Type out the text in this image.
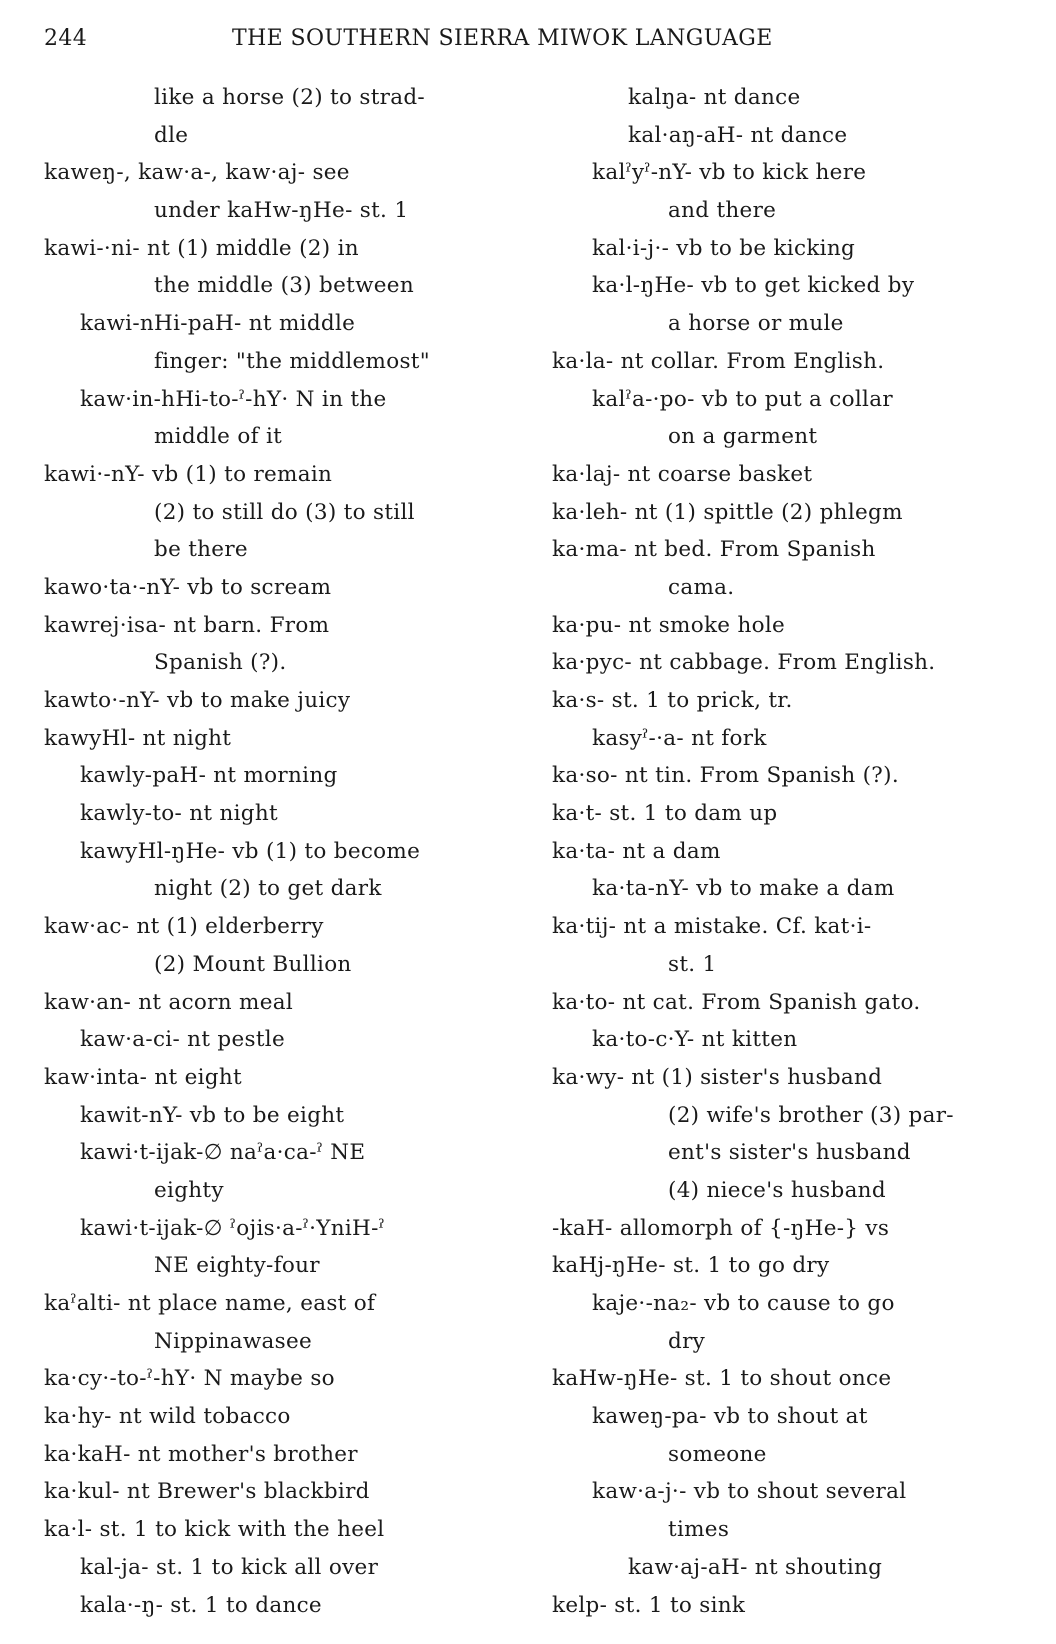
244	THE SOUTHERN SIERRA MIWOK LANGUAGE
like a horse (2) to strad-
dle
kaweŋ-, kaw·a-, kaw·aj- see
under kaHw-ŋHe- st. 1
kawi-·ni- nt (1) middle (2) in
the middle (3) between
kawi-nHi-paH- nt middle
finger: "the middlemost"
kaw·in-hHi-to-ˀ-hY· N in the
middle of it
kawi·-nY- vb (1) to remain
(2) to still do (3) to still
be there
kawo·ta·-nY- vb to scream
kawrej·isa- nt barn. From
Spanish (?).
kawto·-nY- vb to make juicy
kawyHl- nt night
kawly-paH- nt morning
kawly-to- nt night
kawyHl-ŋHe- vb (1) to become
night (2) to get dark
kaw·ac- nt (1) elderberry
(2) Mount Bullion
kaw·an- nt acorn meal
kaw·a-ci- nt pestle
kaw·inta- nt eight
kawit-nY- vb to be eight
kawi·t-ijak-∅ naˀa·ca-ˀ NE
eighty
kawi·t-ijak-∅ ˀojis·a-ˀ·YniH-ˀ
NE eighty-four
kaˀalti- nt place name, east of
Nippinawasee
ka·cy·-to-ˀ-hY· N maybe so
ka·hy- nt wild tobacco
ka·kaH- nt mother's brother
ka·kul- nt Brewer's blackbird
ka·l- st. 1 to kick with the heel
kal-ja- st. 1 to kick all over
kala·-ŋ- st. 1 to dance
kalŋa- nt dance
kal·aŋ-aH- nt dance
kalˀyˀ-nY- vb to kick here
and there
kal·i-j·- vb to be kicking
ka·l-ŋHe- vb to get kicked by
a horse or mule
ka·la- nt collar. From English.
kalˀa-·po- vb to put a collar
on a garment
ka·laj- nt coarse basket
ka·leh- nt (1) spittle (2) phlegm
ka·ma- nt bed. From Spanish
cama.
ka·pu- nt smoke hole
ka·pyc- nt cabbage. From English.
ka·s- st. 1 to prick, tr.
kasyˀ-·a- nt fork
ka·so- nt tin. From Spanish (?).
ka·t- st. 1 to dam up
ka·ta- nt a dam
ka·ta-nY- vb to make a dam
ka·tij- nt a mistake. Cf. kat·i-
st. 1
ka·to- nt cat. From Spanish gato.
ka·to-c·Y- nt kitten
ka·wy- nt (1) sister's husband
(2) wife's brother (3) par-
ent's sister's husband
(4) niece's husband
-kaH- allomorph of {-ŋHe-} vs
kaHj-ŋHe- st. 1 to go dry
kaje·-na₂- vb to cause to go
dry
kaHw-ŋHe- st. 1 to shout once
kaweŋ-pa- vb to shout at
someone
kaw·a-j·- vb to shout several
times
kaw·aj-aH- nt shouting
kelp- st. 1 to sink
